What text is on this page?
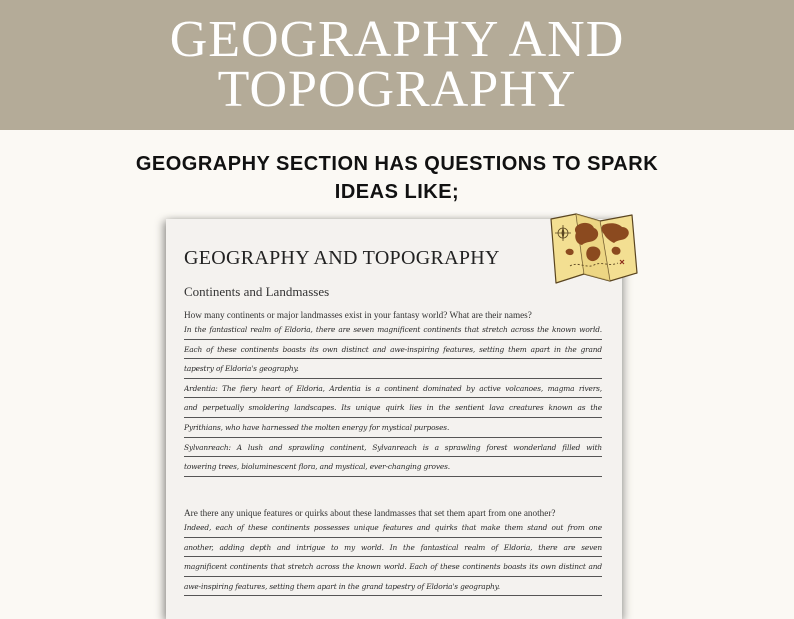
GEOGRAPHY AND
TOPOGRAPHY
GEOGRAPHY SECTION HAS QUESTIONS TO SPARK
IDEAS LIKE;
GEOGRAPHY AND TOPOGRAPHY
Continents and Landmasses

How many continents or major landmasses exist in your fantasy world? What are their names?

In the fantastical realm of Eldoria, there are seven magnificent continents that stretch across the known world.
Each of these continents boasts its own distinct and awe-inspiring features, setting them apart in the grand
tapestry of Eldoria's geography.
Ardentia: The fiery heart of Eldoria, Ardentia is a continent dominated by active volcanoes, magma rivers,
and perpetually smoldering landscapes. Its unique quirk lies in the sentient lava creatures known as the
Pyrithians, who have harnessed the molten energy for mystical purposes.
Sylvanreach: A lush and sprawling continent, Sylvanreach is a sprawling forest wonderland filled with
towering trees, bioluminescent flora, and mystical, ever-changing groves.

Are there any unique features or quirks about these landmasses that set them apart from one another?

Indeed, each of these continents possesses unique features and quirks that make them stand out from one
another, adding depth and intrigue to my world. In the fantastical realm of Eldoria, there are seven
magnificent continents that stretch across the known world. Each of these continents boasts its own distinct and
awe-inspiring features, setting them apart in the grand tapestry of Eldoria's geography.
